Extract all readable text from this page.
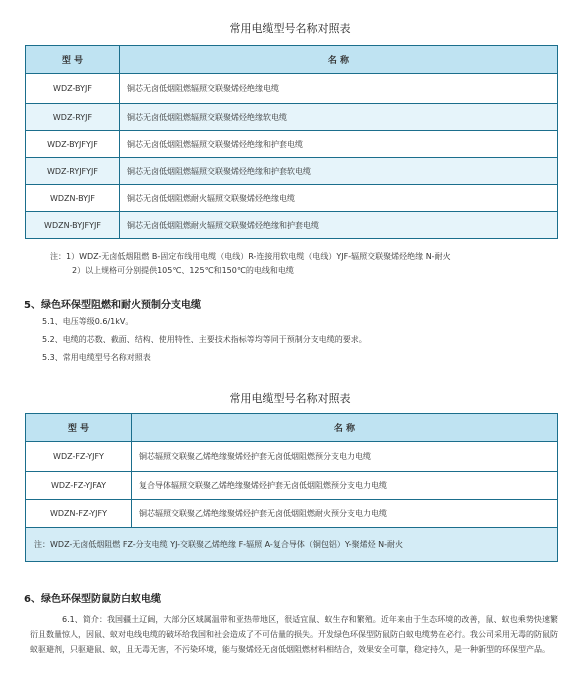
常用电缆型号名称对照表
型 号	名 称
WDZ-BYJF	铜芯无卤低烟阻燃辐照交联聚烯烃绝缘电缆
WDZ-RYJF	铜芯无卤低烟阻燃辐照交联聚烯烃绝缘软电缆
WDZ-BYJFYJF	铜芯无卤低烟阻燃辐照交联聚烯烃绝缘和护套电缆
WDZ-RYJFYJF	铜芯无卤低烟阻燃辐照交联聚烯烃绝缘和护套软电缆
WDZN-BYJF	铜芯无卤低烟阻燃耐火辐照交联聚烯烃绝缘电缆
WDZN-BYJFYJF	铜芯无卤低烟阻燃耐火辐照交联聚烯烃绝缘和护套电缆
注：1）WDZ-无卤低烟阻燃 B-固定布线用电缆（电线）R-连接用软电缆（电线）YJF-辐照交联聚烯烃绝缘 N-耐火
2）以上规格可分别提供105℃、125℃和150℃的电线和电缆
5、绿色环保型阻燃和耐火预制分支电缆
5.1、电压等级0.6/1kV。
5.2、电缆的芯数、截面、结构、使用特性、主要技术指标等均等同于预制分支电缆的要求。
5.3、常用电缆型号名称对照表
常用电缆型号名称对照表
型 号	名 称
WDZ-FZ-YJFY	铜芯辐照交联聚乙烯绝缘聚烯烃护套无卤低烟阻燃预分支电力电缆
WDZ-FZ-YJFAY	复合导体辐照交联聚乙烯绝缘聚烯烃护套无卤低烟阻燃预分支电力电缆
WDZN-FZ-YJFY	铜芯辐照交联聚乙烯绝缘聚烯烃护套无卤低烟阻燃耐火预分支电力电缆
注：WDZ-无卤低烟阻燃 FZ-分支电缆 YJ-交联聚乙烯绝缘 F-辐照 A-复合导体（铜包铝）Y-聚烯烃 N-耐火	
6、绿色环保型防鼠防白蚁电缆
6.1、简介：我国疆土辽阔，大部分区域属温带和亚热带地区，很适宜鼠、蚁生存和繁殖。近年来由于生态环境的改善，鼠、蚁也乘势快速繁衍且数量惊人，因鼠、蚁对电线电缆的破坏给我国和社会造成了不可估量的损失。开发绿色环保型防鼠防白蚁电缆势在必行。我公司采用无毒的防鼠防蚁驱避剂，只驱避鼠、蚁，且无毒无害，不污染环境，能与聚烯烃无卤低烟阻燃材料相结合，效果安全可靠，稳定持久，是一种新型的环保型产品。
